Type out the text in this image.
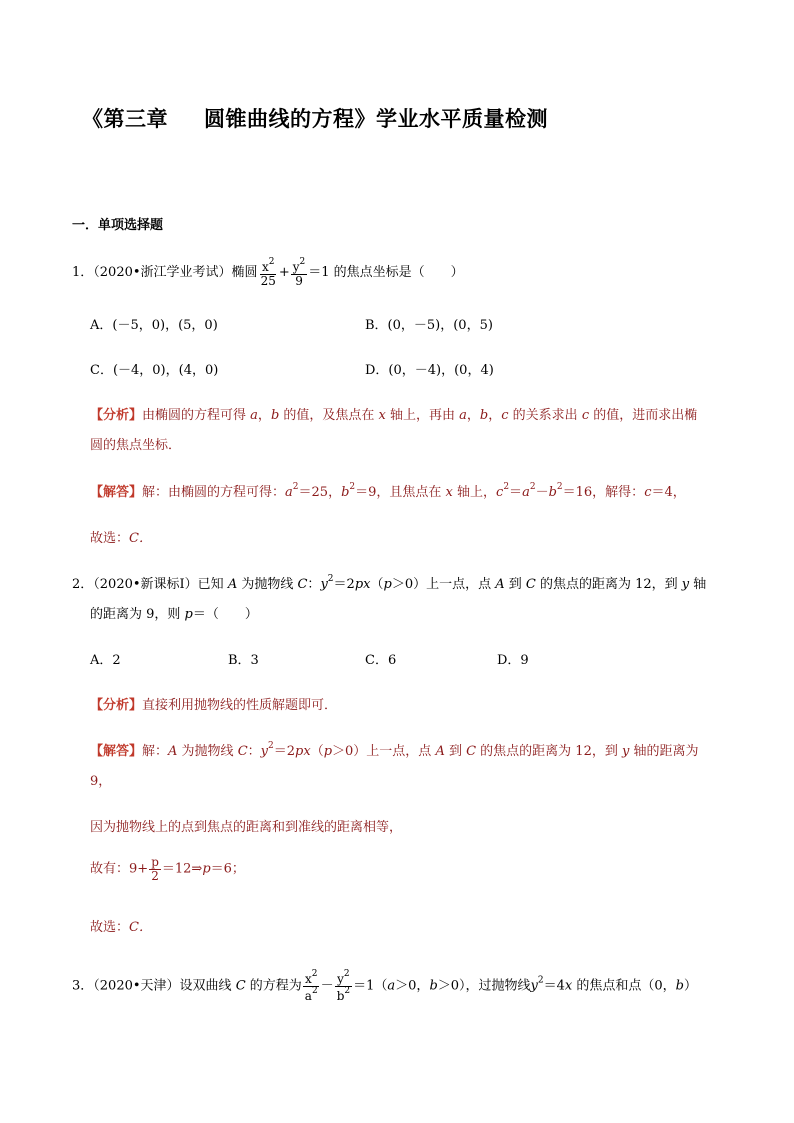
《第三章 圆锥曲线的方程》学业水平质量检测
一．单项选择题
1．（2020•浙江学业考试）椭圆 $\frac{x^2}{25} + \frac{y^2}{9} =1$ 的焦点坐标是（　　）
A．(－5，0)，(5，0)	B．(0，－5)，(0，5)
C．(－4，0)，(4，0)	D．(0，－4)，(0，4)
【分析】由椭圆的方程可得 a，b 的值，及焦点在 x 轴上，再由 a，b，c 的关系求出 c 的值，进而求出椭
圆的焦点坐标．
【解答】解：由椭圆的方程可得：$a^2=25$，$b^2=9$，且焦点在 x 轴上，$c^2=a^2-b^2=16$，解得：c＝4，
故选：C．
2．（2020•新课标Ⅰ）已知 A 为抛物线 C：$y^2=2px(p>0)$上一点，点 A 到 C 的焦点的距离为 12，到 y 轴
的距离为 9，则 p＝（　　）
A．2	B．3	C．6	D．9
【分析】直接利用抛物线的性质解题即可．
【解答】解：A 为抛物线 C：$y^2=2px(p>0)$上一点，点 A 到 C 的焦点的距离为 12，到 y 轴的距离为
9，
因为抛物线上的点到焦点的距离和到准线的距离相等，
故有：$9+ \frac{p}{2}$ ＝12⇒p＝6；
故选：C．
3．（2020•天津）设双曲线 C 的方程为 $\frac{x^2}{a^2} - \frac{y^2}{b^2} =1(a>0$，b＞0），过抛物线$y^2=4x$ 的焦点和点（0，b）
